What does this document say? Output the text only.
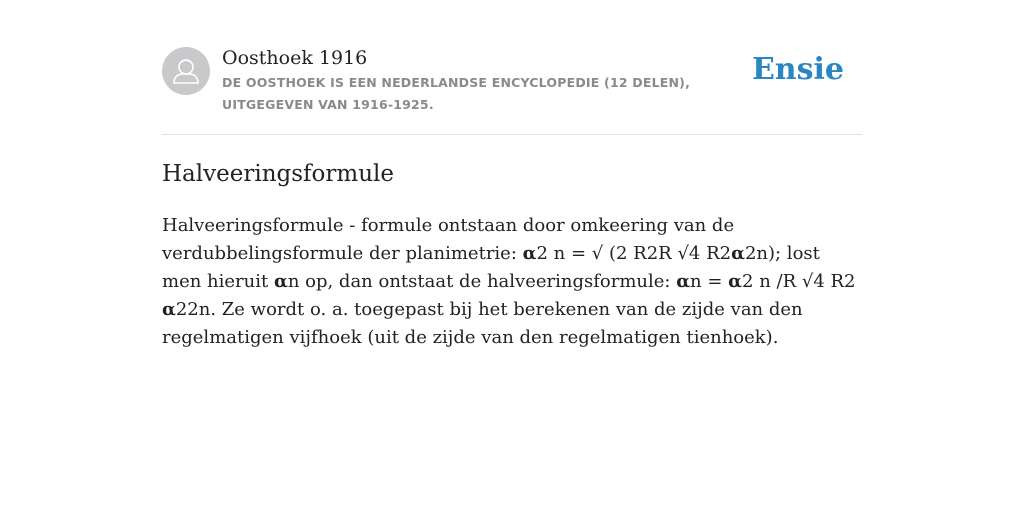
Oosthoek 1916
DE OOSTHOEK IS EEN NEDERLANDSE ENCYCLOPEDIE (12 DELEN), UITGEGEVEN VAN 1916-1925.
Ensie
Halveeringsformule
Halveeringsformule - formule ontstaan door omkeering van de verdubbelingsformule der planimetrie: α2 n = √ (2 R2R √4 R2α2n); lost men hieruit αn op, dan ontstaat de halveeringsformule: αn = α2 n /R √4 R2 α22n. Ze wordt o. a. toegepast bij het berekenen van de zijde van den regelmatigen vijfhoek (uit de zijde van den regelmatigen tienhoek).
